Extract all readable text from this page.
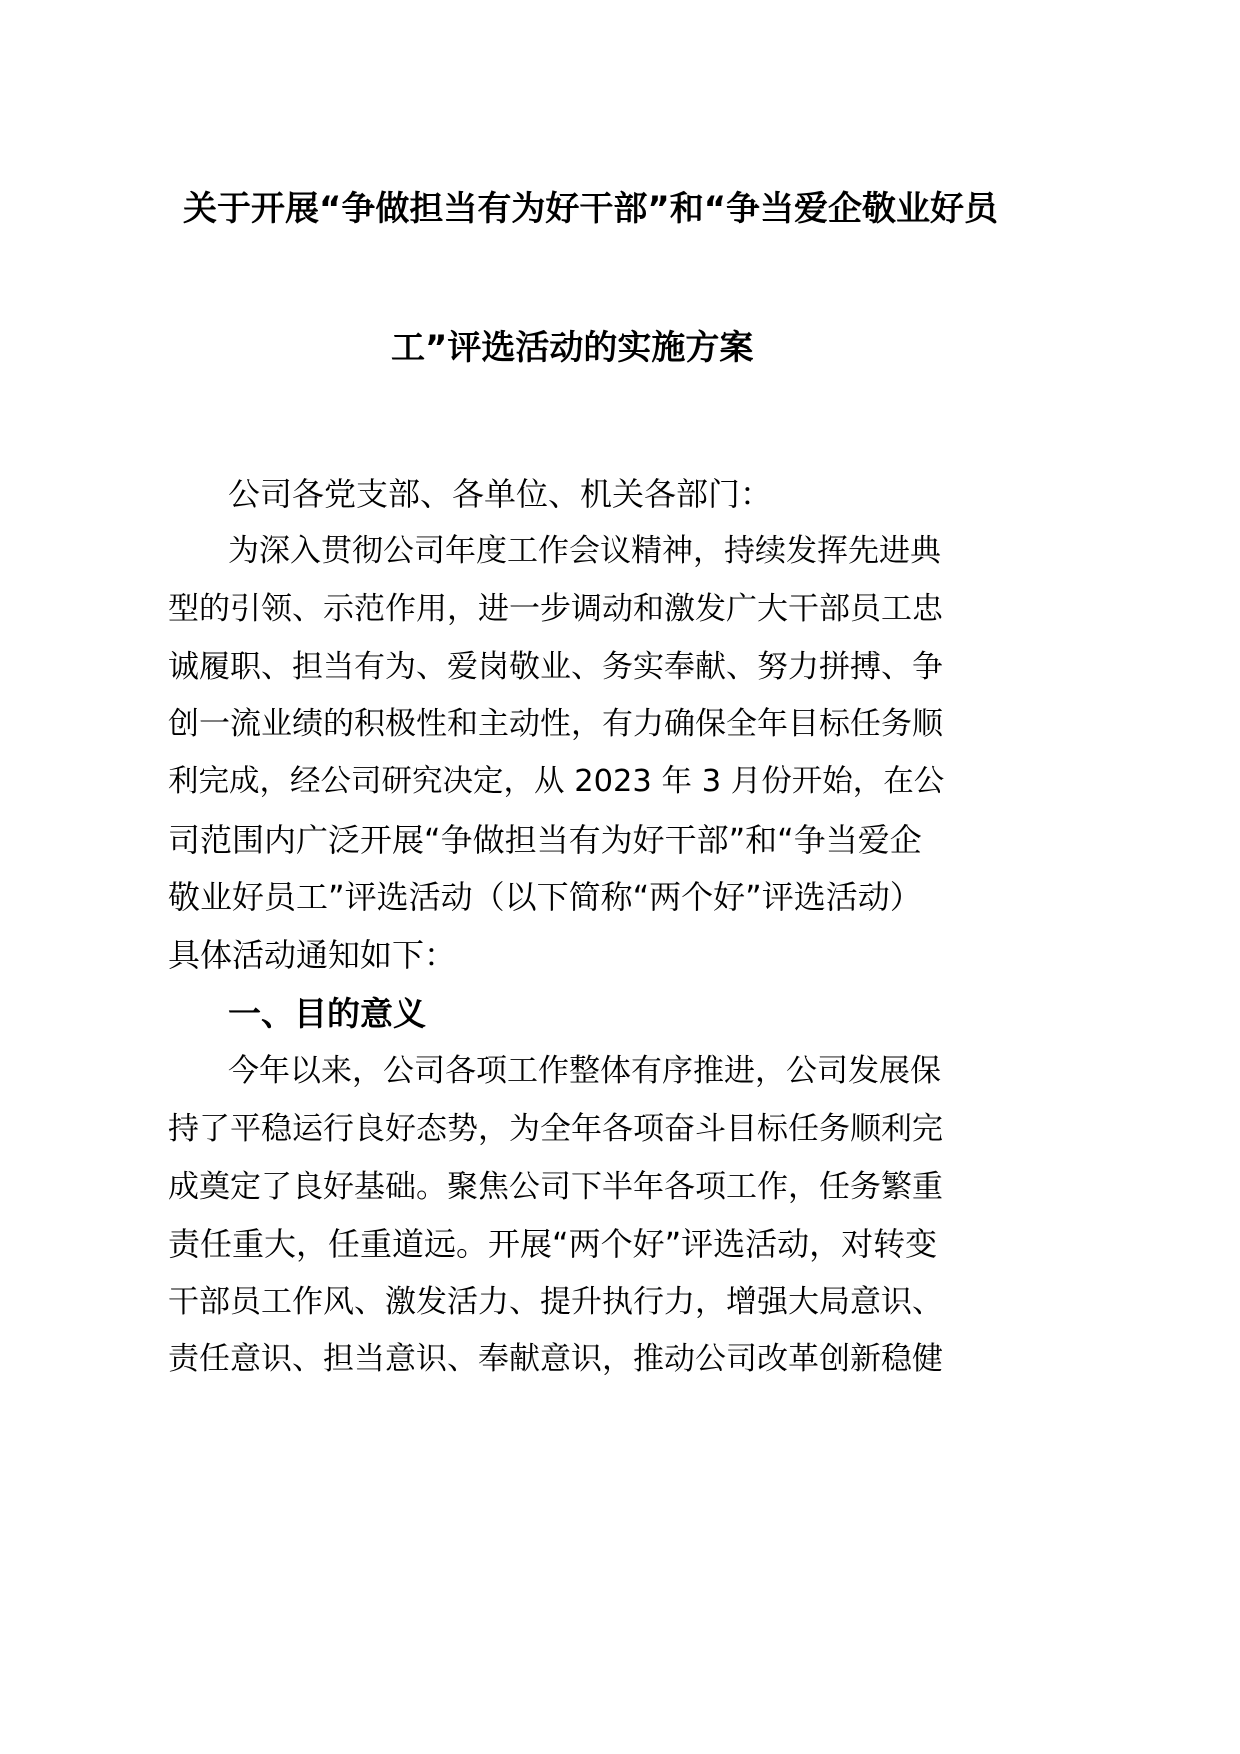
关于开展“争做担当有为好干部”和“争当爱企敬业好员

工”评选活动的实施方案

公司各党支部、各单位、机关各部门：

为深入贯彻公司年度工作会议精神，持续发挥先进典

型的引领、示范作用，进一步调动和激发广大干部员工忠

诚履职、担当有为、爱岗敬业、务实奉献、努力拼搏、争

创一流业绩的积极性和主动性，有力确保全年目标任务顺

利完成，经公司研究决定，从 2023 年 3 月份开始，在公

司范围内广泛开展“争做担当有为好干部”和“争当爱企

敬业好员工”评选活动（以下简称“两个好”评选活动）

具体活动通知如下：

一、目的意义

今年以来，公司各项工作整体有序推进，公司发展保

持了平稳运行良好态势，为全年各项奋斗目标任务顺利完

成奠定了良好基础。聚焦公司下半年各项工作，任务繁重

责任重大，任重道远。开展“两个好”评选活动，对转变

干部员工作风、激发活力、提升执行力，增强大局意识、

责任意识、担当意识、奉献意识，推动公司改革创新稳健
